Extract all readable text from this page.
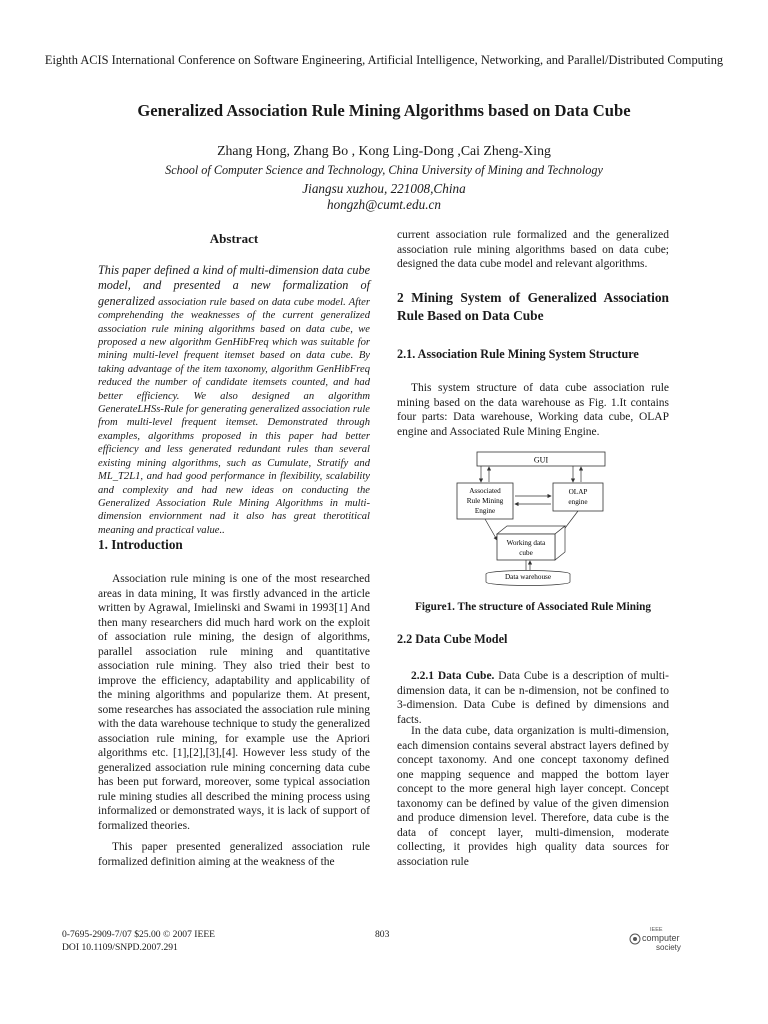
Eighth ACIS International Conference on Software Engineering, Artificial Intelligence, Networking, and Parallel/Distributed Computing
Generalized Association Rule Mining Algorithms based on Data Cube
Zhang Hong, Zhang Bo , Kong Ling-Dong ,Cai Zheng-Xing
School of Computer Science and Technology, China University of Mining and Technology
Jiangsu xuzhou, 221008,China
hongzh@cumt.edu.cn
Abstract
This paper defined a kind of multi-dimension data cube model, and presented a new formalization of generalized association rule based on data cube model. After comprehending the weaknesses of the current generalized association rule mining algorithms based on data cube, we proposed a new algorithm GenHibFreq which was suitable for mining multi-level frequent itemset based on data cube. By taking advantage of the item taxonomy, algorithm GenHibFreq reduced the number of candidate itemsets counted, and had better efficiency. We also designed an algorithm GenerateLHSs-Rule for generating generalized association rule from multi-level frequent itemset. Demonstrated through examples, algorithms proposed in this paper had better efficiency and less generated redundant rules than several existing mining algorithms, such as Cumulate, Stratify and ML_T2L1, and had good performance in flexibility, scalability and complexity and had new ideas on conducting the Generalized Association Rule Mining Algorithms in multi-dimension enviornment nad it also has great therotitical meaning and practical value..
1. Introduction
Association rule mining is one of the most researched areas in data mining, It was firstly advanced in the article written by Agrawal, Imielinski and Swami in 1993[1] And then many researchers did much hard work on the exploit of association rule mining, the design of algorithms, parallel association rule mining and quantitative association rule mining. They also tried their best to improve the efficiency, adaptability and applicability of the mining algorithms and popularize them. At present, some researches has associated the association rule mining with the data warehouse technique to study the generalized association rule mining, for example use the Apriori algorithms etc. [1],[2],[3],[4]. However less study of the generalized association rule mining concerning data cube has been put forward, moreover, some typical association rule mining studies all described the mining process using informalized or demonstrated ways, it is lack of support of formalized theories.
This paper presented generalized association rule formalized definition aiming at the weakness of the
current association rule formalized and the generalized association rule mining algorithms based on data cube; designed the data cube model and relevant algorithms.
2 Mining System of Generalized Association Rule Based on Data Cube
2.1. Association Rule Mining System Structure
This system structure of data cube association rule mining based on the data warehouse as Fig. 1.It contains four parts: Data warehouse, Working data cube, OLAP engine and Associated Rule Mining Engine.
GUI
Associated
Rule Mining
Engine
OLAP
engine
Working data
cube
Data warehouse
Figure1. The structure of Associated Rule Mining
2.2 Data Cube Model
2.2.1 Data Cube. Data Cube is a description of multi-dimension data, it can be n-dimension, not be confined to 3-dimension. Data Cube is defined by dimensions and facts.
In the data cube, data organization is multi-dimension, each dimension contains several abstract layers defined by concept taxonomy. And one concept taxonomy defined one mapping sequence and mapped the bottom layer concept to the more general high layer concept. Concept taxonomy can be defined by value of the given dimension and produce dimension level. Therefore, data cube is the data of concept layer, multi-dimension, moderate collecting, it provides high quality data sources for association rule
0-7695-2909-7/07 $25.00 © 2007 IEEE
DOI 10.1109/SNPD.2007.291
803	IEEE
computer
society
